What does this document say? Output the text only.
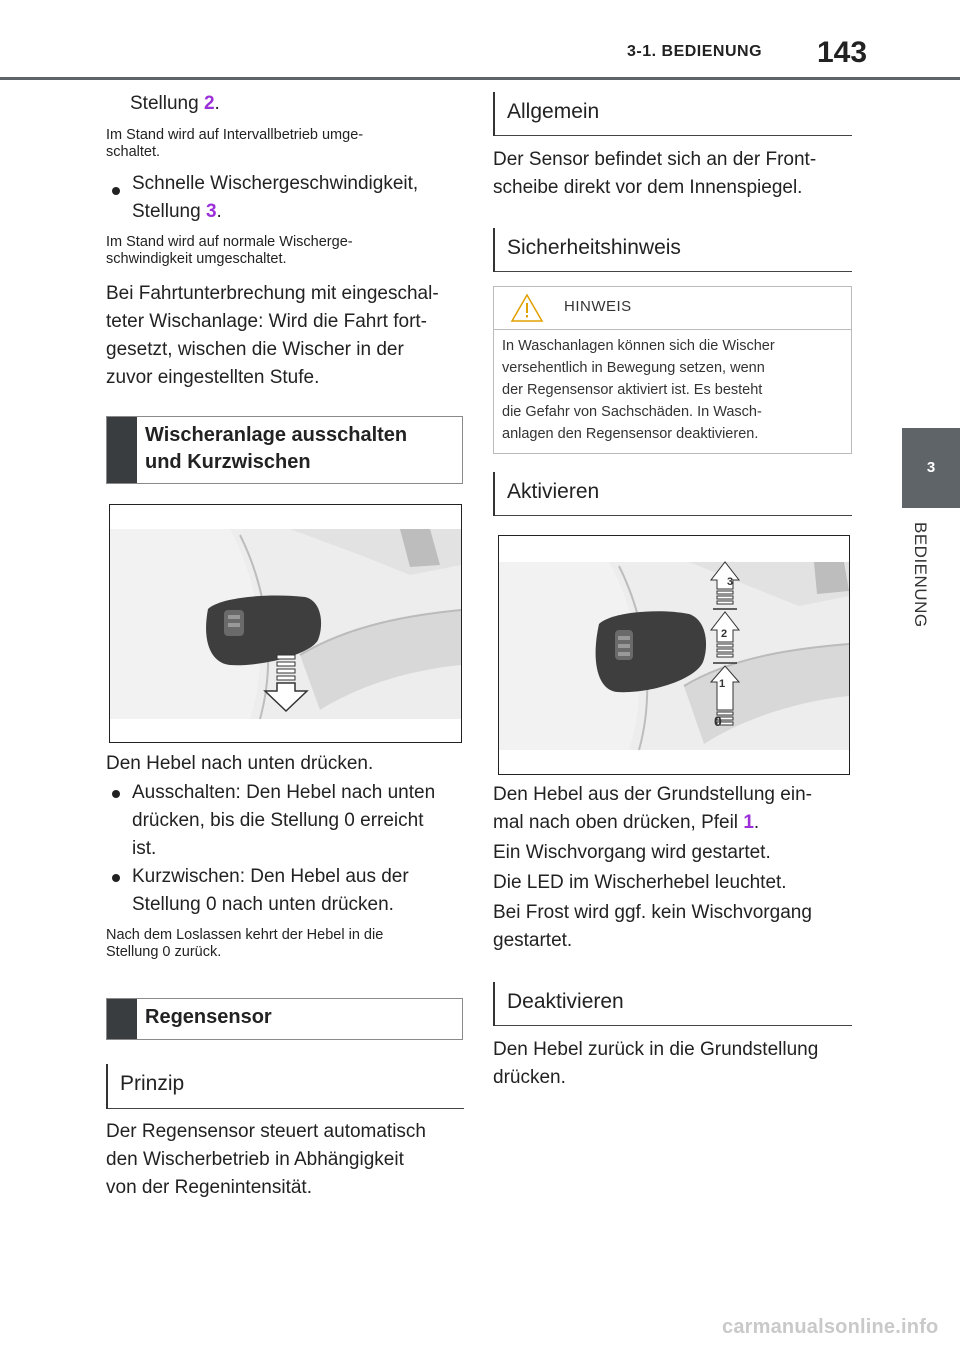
3-1. BEDIENUNG 143
3
BEDIENUNG
Stellung 2.
Im Stand wird auf Intervallbetrieb umge-
schaltet.
Schnelle Wischergeschwindigkeit,
Stellung 3.
Im Stand wird auf normale Wischerge-
schwindigkeit umgeschaltet.
Bei Fahrtunterbrechung mit eingeschal-
teter Wischanlage: Wird die Fahrt fort-
gesetzt, wischen die Wischer in der
zuvor eingestellten Stufe.
Wischeranlage ausschalten
und Kurzwischen
Den Hebel nach unten drücken.
Ausschalten: Den Hebel nach unten
drücken, bis die Stellung 0 erreicht
ist.
Kurzwischen: Den Hebel aus der
Stellung 0 nach unten drücken.
Nach dem Loslassen kehrt der Hebel in die
Stellung 0 zurück.
Regensensor
Prinzip
Der Regensensor steuert automatisch
den Wischerbetrieb in Abhängigkeit
von der Regenintensität.
Allgemein
Der Sensor befindet sich an der Front-
scheibe direkt vor dem Innenspiegel.
Sicherheitshinweis
HINWEIS
In Waschanlagen können sich die Wischer
versehentlich in Bewegung setzen, wenn
der Regensensor aktiviert ist. Es besteht
die Gefahr von Sachschäden. In Wasch-
anlagen den Regensensor deaktivieren.
Aktivieren
3
2
1
0
Den Hebel aus der Grundstellung ein-
mal nach oben drücken, Pfeil 1.
Ein Wischvorgang wird gestartet.
Die LED im Wischerhebel leuchtet.
Bei Frost wird ggf. kein Wischvorgang
gestartet.
Deaktivieren
Den Hebel zurück in die Grundstellung
drücken.
carmanualsonline.info
